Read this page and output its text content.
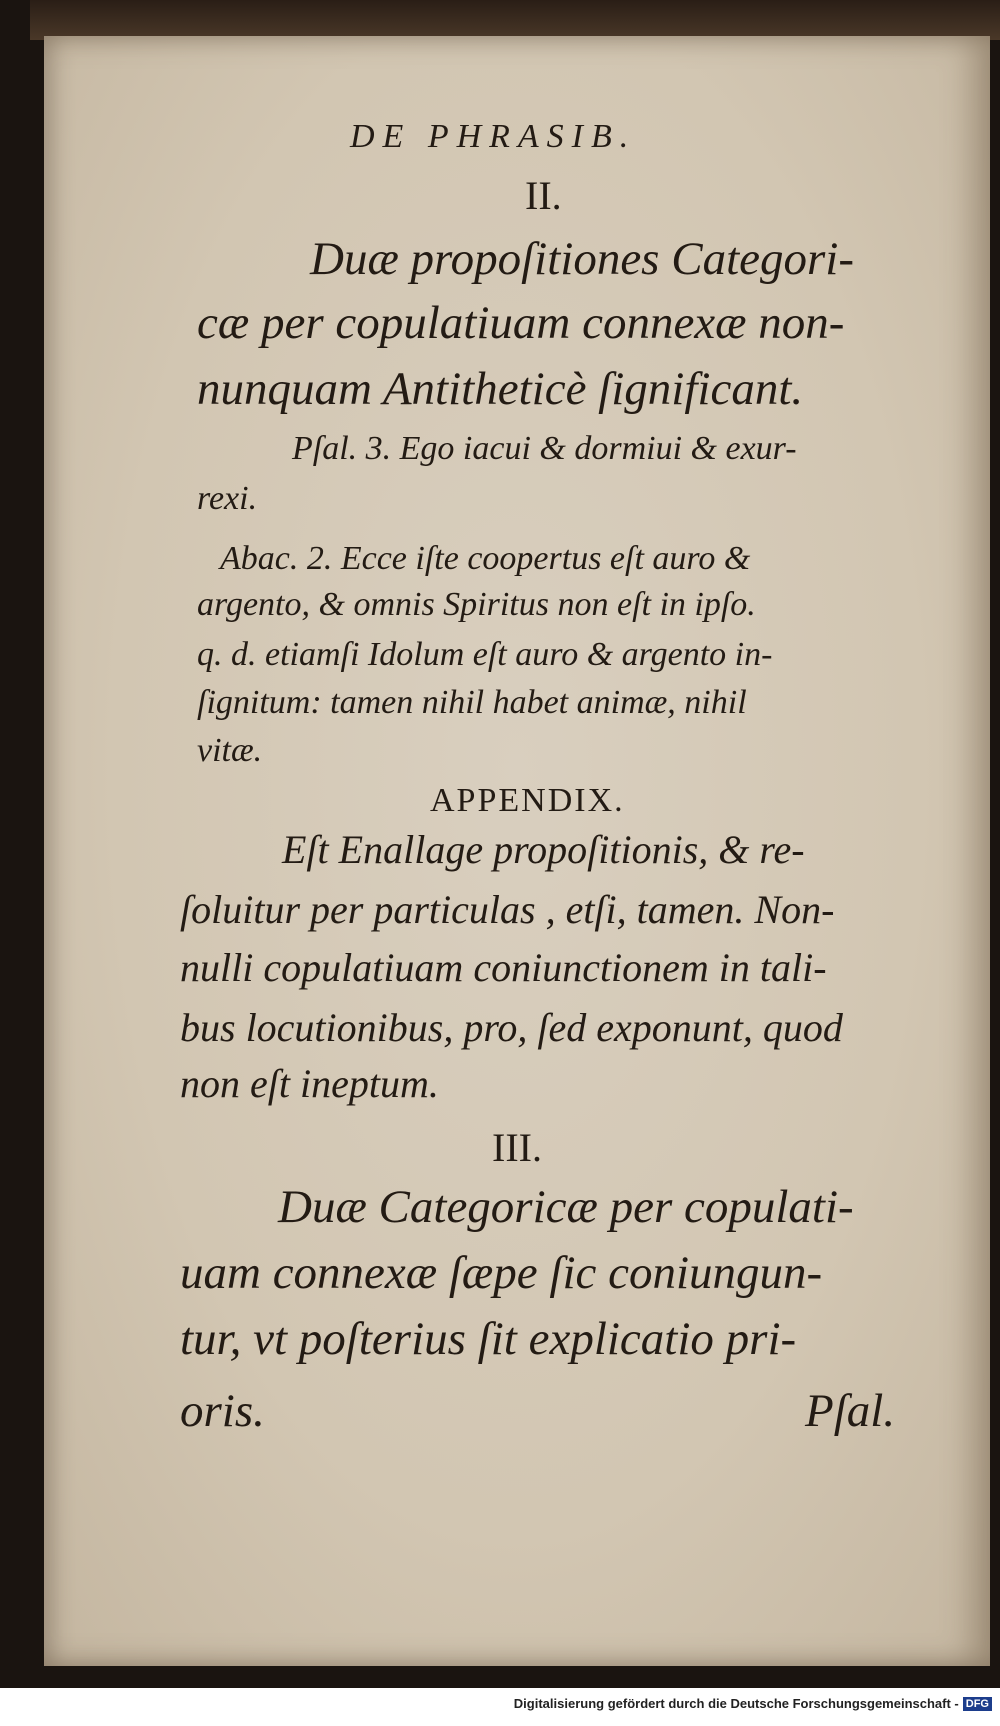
DE PHRASIB.
II.
Duæ propoſitiones Categori-
cæ per copulatiuam connexæ non-
nunquam Antitheticè ſignificant.
Pſal. 3. Ego iacui & dormiui & exur-
rexi.
Abac. 2. Ecce iſte coopertus eſt auro &
argento, & omnis Spiritus non eſt in ipſo.
q. d. etiamſi Idolum eſt auro & argento in-
ſignitum: tamen nihil habet animæ, nihil
vitæ.
APPENDIX.
Eſt Enallage propoſitionis, & re-
ſoluitur per particulas , etſi, tamen. Non-
nulli copulatiuam coniunctionem in tali-
bus locutionibus, pro, ſed exponunt, quod
non eſt ineptum.
III.
Duæ Categoricæ per copulati-
uam connexæ ſæpe ſic coniungun-
tur, vt poſterius ſit explicatio pri-
oris.	Pſal.
Digitalisierung gefördert durch die Deutsche Forschungsgemeinschaft - DFG
